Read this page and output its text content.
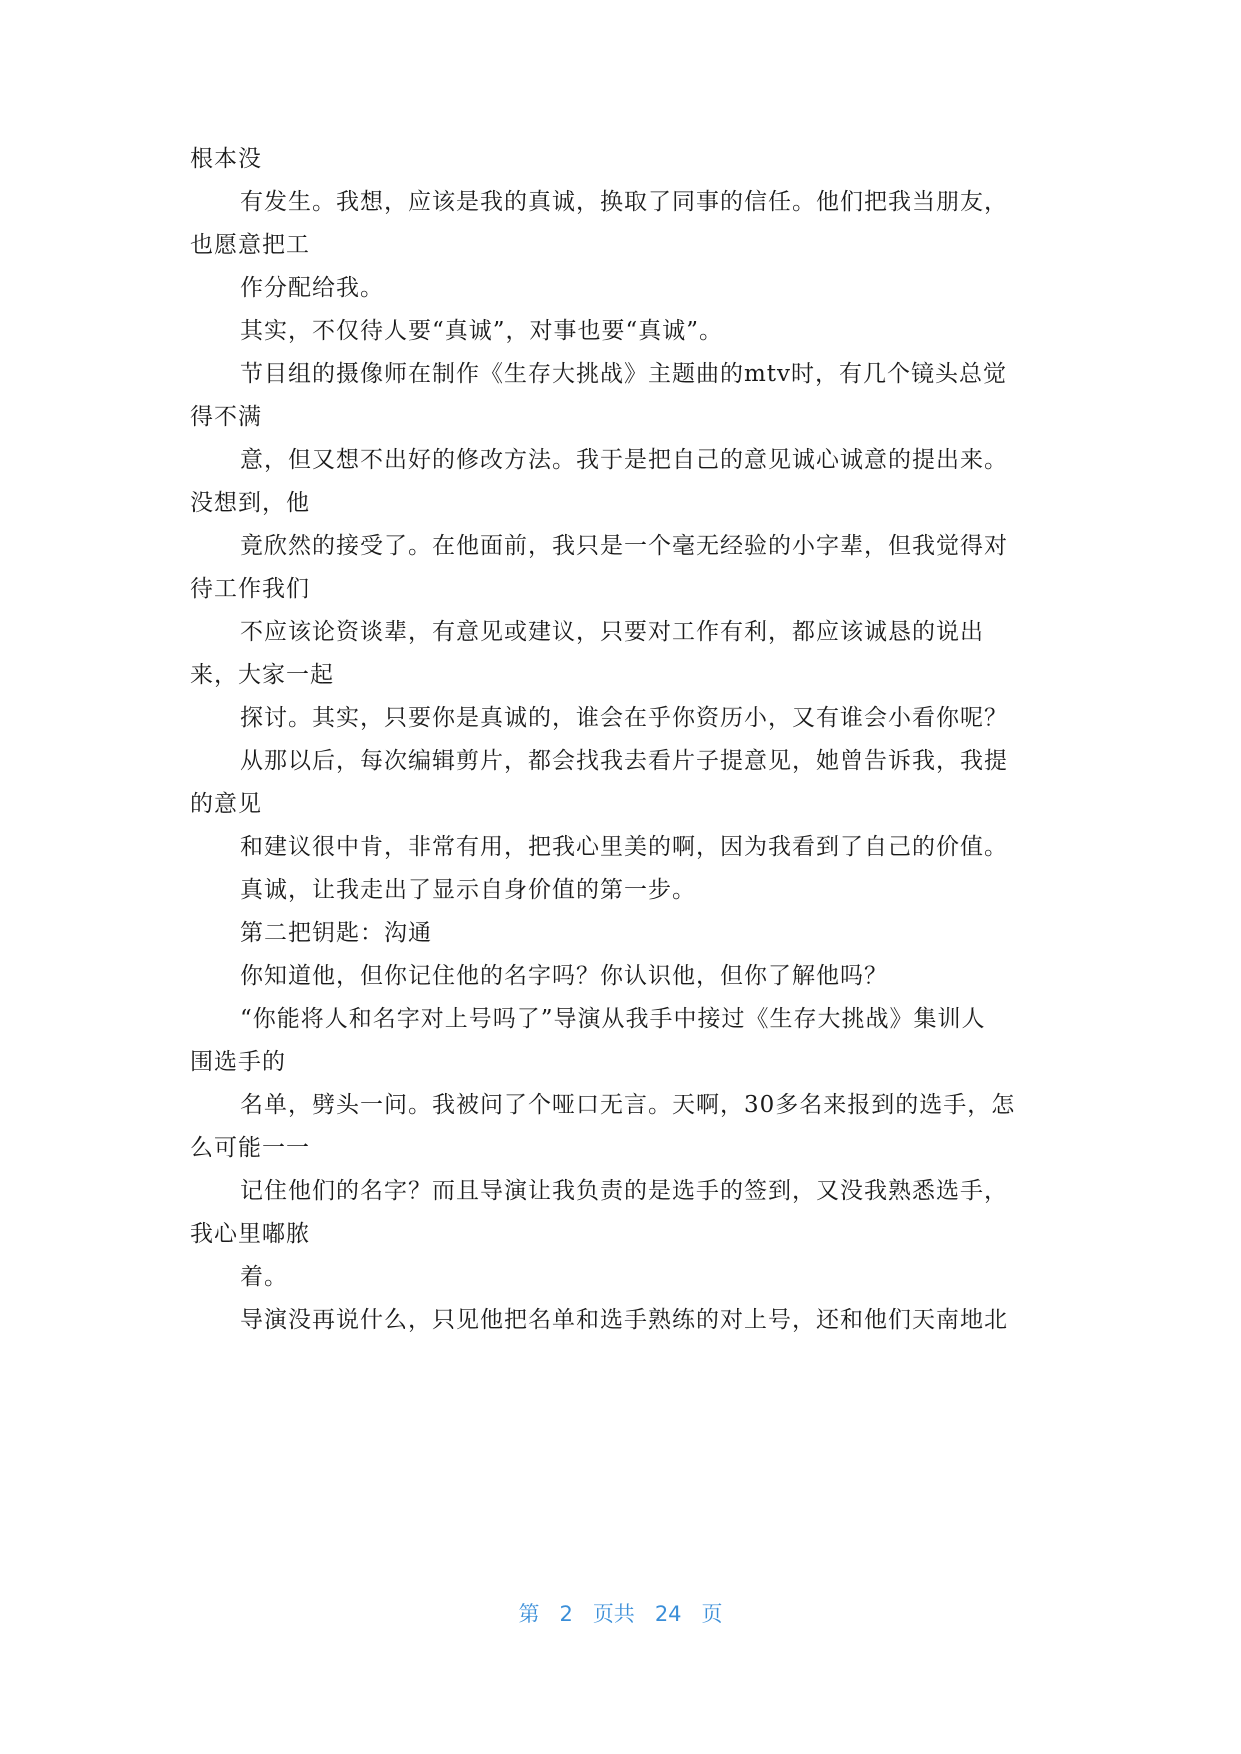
根本没
有发生。我想，应该是我的真诚，换取了同事的信任。他们把我当朋友，
也愿意把工
作分配给我。
其实，不仅待人要“真诚”，对事也要“真诚”。
节目组的摄像师在制作《生存大挑战》主题曲的mtv时，有几个镜头总觉
得不满
意，但又想不出好的修改方法。我于是把自己的意见诚心诚意的提出来。
没想到，他
竟欣然的接受了。在他面前，我只是一个毫无经验的小字辈，但我觉得对
待工作我们
不应该论资谈辈，有意见或建议，只要对工作有利，都应该诚恳的说出
来，大家一起
探讨。其实，只要你是真诚的，谁会在乎你资历小，又有谁会小看你呢？
从那以后，每次编辑剪片，都会找我去看片子提意见，她曾告诉我，我提
的意见
和建议很中肯，非常有用，把我心里美的啊，因为我看到了自己的价值。
真诚，让我走出了显示自身价值的第一步。
第二把钥匙：沟通
你知道他，但你记住他的名字吗？你认识他，但你了解他吗？
“你能将人和名字对上号吗了”导演从我手中接过《生存大挑战》集训人
围选手的
名单，劈头一问。我被问了个哑口无言。天啊，30多名来报到的选手，怎
么可能一一
记住他们的名字？而且导演让我负责的是选手的签到，又没我熟悉选手，
我心里嘟脓
着。
导演没再说什么，只见他把名单和选手熟练的对上号，还和他们天南地北
第 2 页共 24 页
